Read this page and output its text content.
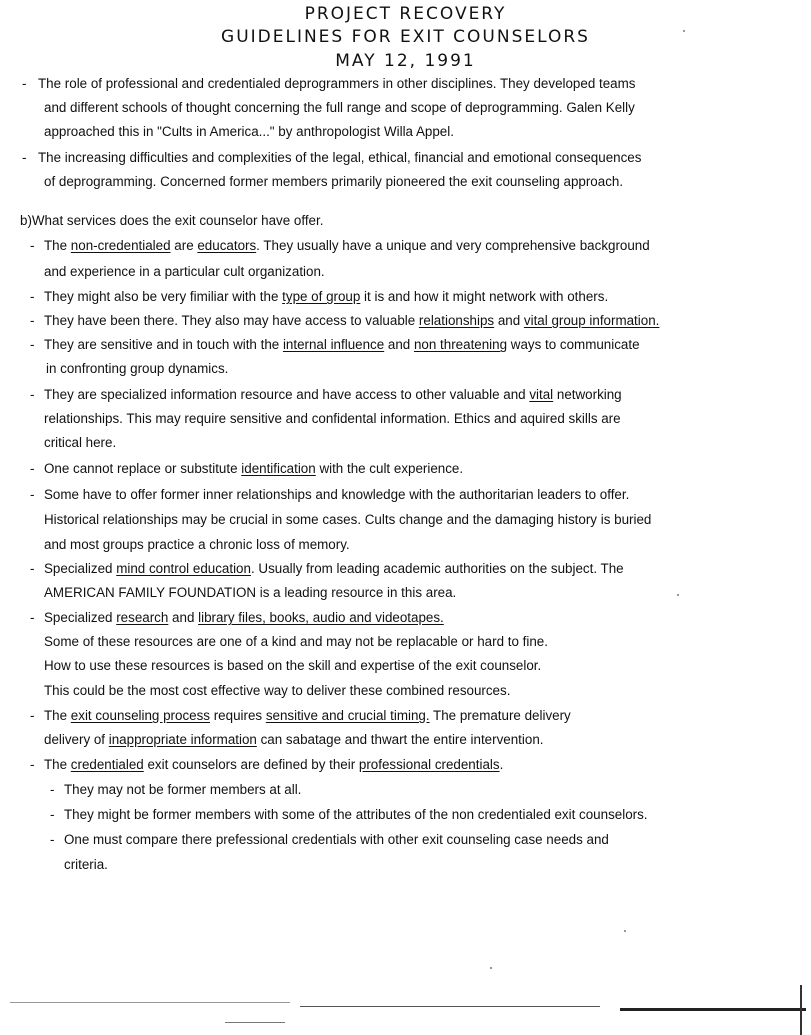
PROJECT RECOVERY
GUIDELINES FOR EXIT COUNSELORS
MAY 12, 1991
- The role of professional and credentialed deprogrammers in other disciplines. They developed teams
and different schools of thought concerning the full range and scope of deprogramming. Galen Kelly
approached this in "Cults in America..." by anthropologist Willa Appel.
- The increasing difficulties and complexities of the legal, ethical, financial and emotional consequences
of deprogramming. Concerned former members primarily pioneered the exit counseling approach.
b)What services does the exit counselor have offer.
- The non-credentialed are educators. They usually have a unique and very comprehensive background
and experience in a particular cult organization.
- They might also be very fimiliar with the type of group it is and how it might network with others.
- They have been there. They also may have access to valuable relationships and vital group information.
- They are sensitive and in touch with the internal influence and non threatening ways to communicate
in confronting group dynamics.
- They are specialized information resource and have access to other valuable and vital networking
relationships. This may require sensitive and confidental information. Ethics and aquired skills are
critical here.
- One cannot replace or substitute identification with the cult experience.
- Some have to offer former inner relationships and knowledge with the authoritarian leaders to offer.
Historical relationships may be crucial in some cases. Cults change and the damaging history is buried
and most groups practice a chronic loss of memory.
- Specialized mind control education. Usually from leading academic authorities on the subject. The
AMERICAN FAMILY FOUNDATION is a leading resource in this area.
- Specialized research and library files, books, audio and videotapes.
Some of these resources are one of a kind and may not be replacable or hard to fine.
How to use these resources is based on the skill and expertise of the exit counselor.
This could be the most cost effective way to deliver these combined resources.
- The exit counseling process requires sensitive and crucial timing. The premature delivery
delivery of inappropriate information can sabatage and thwart the entire intervention.
- The credentialed exit counselors are defined by their professional credentials.
- They may not be former members at all.
- They might be former members with some of the attributes of the non credentialed exit counselors.
- One must compare there prefessional credentials with other exit counseling case needs and
criteria.
